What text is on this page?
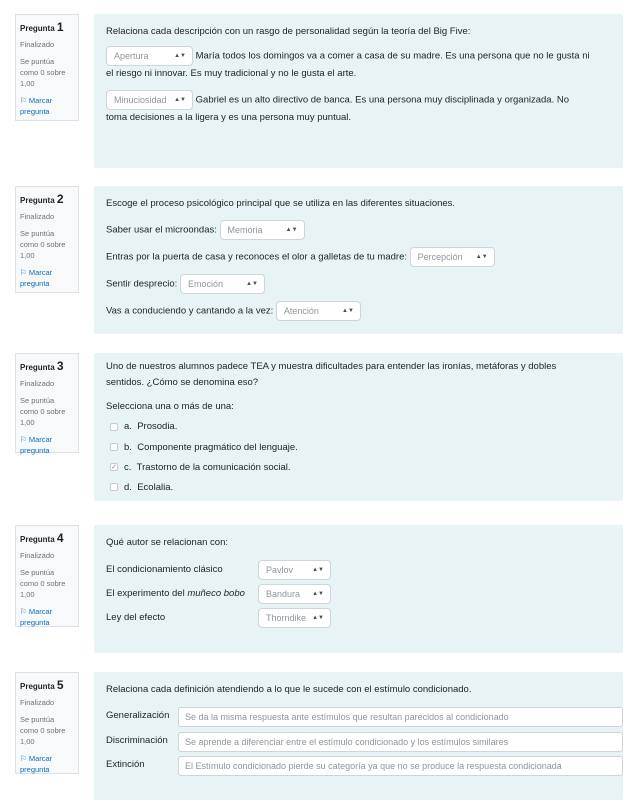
Pregunta 1
Finalizado
Se puntúa como 0 sobre 1,00
⚐ Marcar pregunta
Relaciona cada descripción con un rasgo de personalidad según la teoría del Big Five:
Apertura	▲▼ María todos los domingos va a comer a casa de su madre. Es una persona que no le gusta ni
el riesgo ni innovar. Es muy tradicional y no le gusta el arte.
Minuciosidad ▲▼ Gabriel es un alto directivo de banca. Es una persona muy disciplinada y organizada. No
toma decisiones a la ligera y es una persona muy puntual.
Pregunta 2
Finalizado
Se puntúa como 0 sobre 1,00
⚐ Marcar pregunta
Escoge el proceso psicológico principal que se utiliza en las diferentes situaciones.
Saber usar el microondas: Memoria	▲▼
Entras por la puerta de casa y reconoces el olor a galletas de tu madre: Percepción ▲▼
Sentir desprecio: Emoción	▲▼
Vas a conduciendo y cantando a la vez: Atención	▲▼
Pregunta 3
Finalizado
Se puntúa como 0 sobre 1,00
⚐ Marcar pregunta
Uno de nuestros alumnos padece TEA y muestra dificultades para entender las ironías, metáforas y dobles
sentidos. ¿Cómo se denomina eso?
Selecciona una o más de una:
a. Prosodia.
b. Componente pragmático del lenguaje.
✓ c. Trastorno de la comunicación social.
d. Ecolalia.
Pregunta 4
Finalizado
Se puntúa como 0 sobre 1,00
⚐ Marcar pregunta
Qué autor se relacionan con:
El condicionamiento clásico	Pavlov	▲▼
El experimento del muñeco bobo	Bandura ▲▼
Ley del efecto	Thorndike ▲▼
Pregunta 5
Finalizado
Se puntúa como 0 sobre 1,00
⚐ Marcar pregunta
Relaciona cada definición atendiendo a lo que le sucede con el estímulo condicionado.
Generalización	Se da la misma respuesta ante estímulos que resultan parecidos al condicionado
Discriminación	Se aprende a diferenciar entre el estímulo condicionado y los estímulos similares
Extinción	El Estímulo condicionado pierde su categoría ya que no se produce la respuesta condicionada
